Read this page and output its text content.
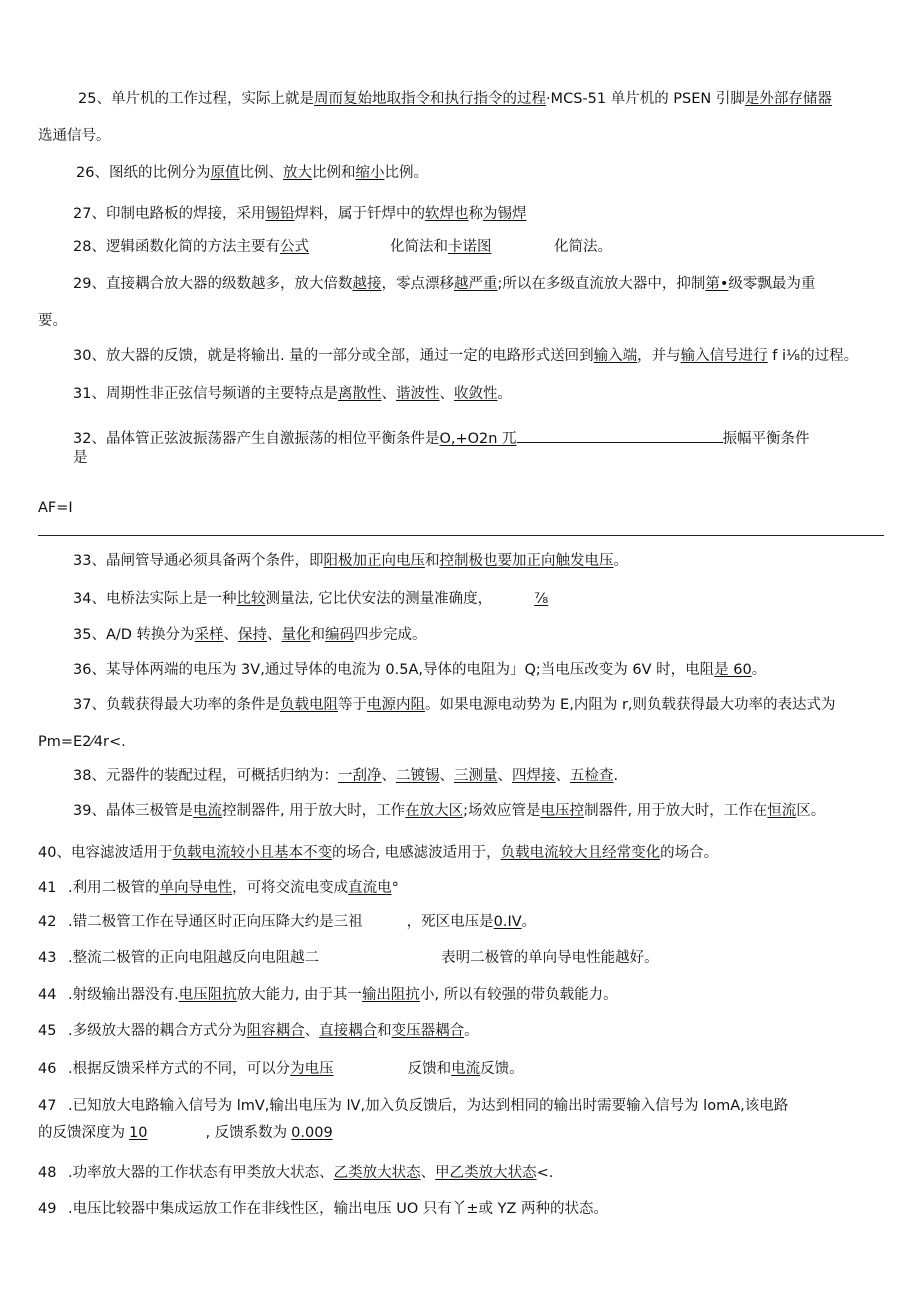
25、单片机的工作过程，实际上就是周而复始地取指令和执行指令的过程·MCS-51 单片机的 PSEN 引脚是外部存储器
选通信号。
26、图纸的比例分为原值比例、放大比例和缩小比例。
27、印制电路板的焊接，采用锡铅焊料，属于钎焊中的软焊也称为锡焊
28、逻辑函数化简的方法主要有公式	化简法和卡诺图	化简法。
29、直接耦合放大器的级数越多，放大倍数越接，零点漂移越严重;所以在多级直流放大器中，抑制第•级零飘最为重
要。
30、放大器的反馈，就是将输出. 量的一部分或全部，通过一定的电路形式送回到输入端，并与输入信号进行 f i⅛的过程。
31、周期性非正弦信号频谱的主要特点是离散性、谐波性、收敛性。
32、晶体管正弦波振荡器产生自激振荡的相位平衡条件是O,+O2n 兀	振幅平衡条件
是
AF=I
33、晶闸管导通必须具备两个条件，即阳极加正向电压和控制极也要加正向触发电压。
34、电桥法实际上是一种比较测量法, 它比伏安法的测量准确度，	⅞
35、A/D 转换分为采样、保持、量化和编码四步完成。
36、某导体两端的电压为 3V,通过导体的电流为 0.5A,导体的电阻为」Q;当电压改变为 6V 时，电阻是 60。
37、负载获得最大功率的条件是负载电阻等于电源内阻。如果电源电动势为 E,内阻为 r,则负载获得最大功率的表达式为
Pm=E2⁄4r<.
38、元器件的装配过程，可概括归纳为：一刮净、二镀锡、三测量、四焊接、五检查.
39、晶体三极管是电流控制器件, 用于放大时，工作在放大区;场效应管是电压控制器件, 用于放大时，工作在恒流区。
40、电容滤波适用于负载电流较小且基本不变的场合, 电感滤波适用于，负载电流较大且经常变化的场合。
41 .利用二极管的单向导电性，可将交流电变成直流电°
42 .错二极管工作在导通区时正向压降大约是三祖	，死区电压是0.IV。
43 .整流二极管的正向电阻越反向电阻越二	表明二极管的单向导电性能越好。
44 .射级输出器没有.电压阻抗放大能力, 由于其一输出阻抗小, 所以有较强的带负载能力。
45 .多级放大器的耦合方式分为阻容耦合、直接耦合和变压器耦合。
46 .根据反馈采样方式的不同，可以分为电压	反馈和电流反馈。
47 .已知放大电路输入信号为 lmV,输出电压为 lV,加入负反馈后，为达到相同的输出时需要输入信号为 lomA,该电路
的反馈深度为 10	, 反馈系数为 0.009
48 .功率放大器的工作状态有甲类放大状态、乙类放大状态、甲乙类放大状态<.
49 .电压比较器中集成运放工作在非线性区，输出电压 UO 只有丫±或 YZ 两种的状态。
